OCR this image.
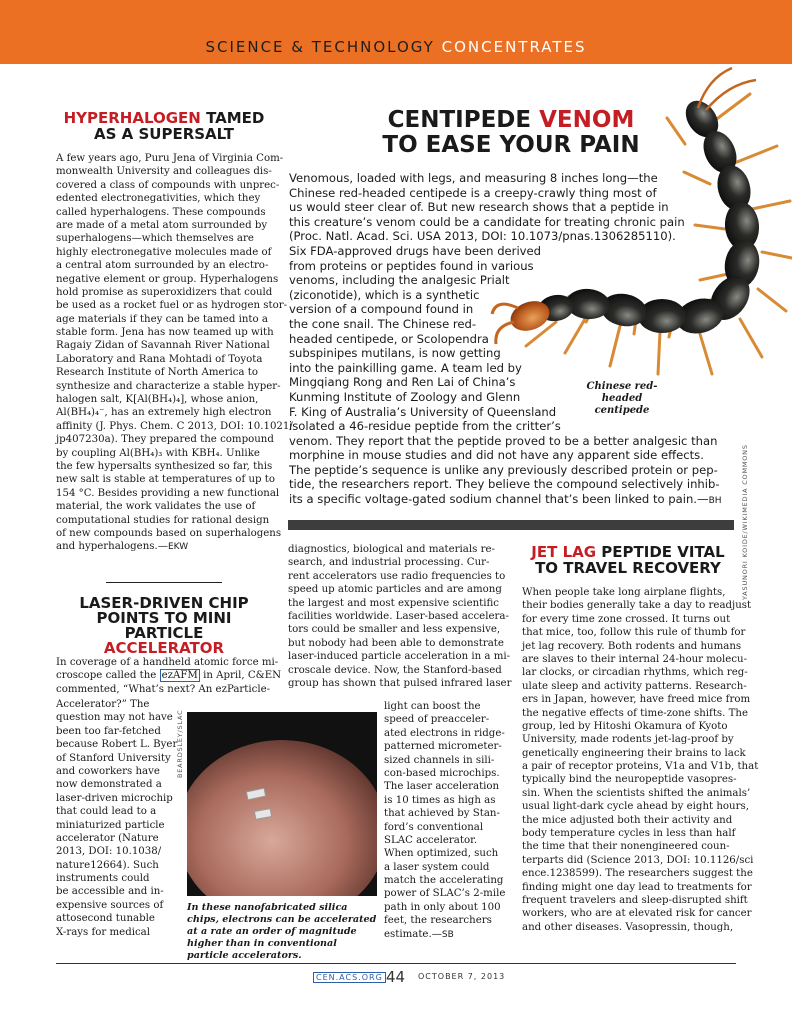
SCIENCE & TECHNOLOGY CONCENTRATES
YASUNORI KOIDE/WIKIMEDIA COMMONS
Chinese red-headed centipede
HYPERHALOGEN TAMED
AS A SUPERSALT
A few years ago, Puru Jena of Virginia Com-
monwealth University and colleagues dis-
covered a class of compounds with unprec-
edented electronegativities, which they
called hyperhalogens. These compounds
are made of a metal atom surrounded by
superhalogens—which themselves are
highly electronegative molecules made of
a central atom surrounded by an electro-
negative element or group. Hyperhalogens
hold promise as superoxidizers that could
be used as a rocket fuel or as hydrogen stor-
age materials if they can be tamed into a
stable form. Jena has now teamed up with
Ragaiy Zidan of Savannah River National
Laboratory and Rana Mohtadi of Toyota
Research Institute of North America to
synthesize and characterize a stable hyper-
halogen salt, K[Al(BH₄)₄], whose anion,
Al(BH₄)₄⁻, has an extremely high electron
affinity (J. Phys. Chem. C 2013, DOI: 10.1021/
jp407230a). They prepared the compound
by coupling Al(BH₄)₃ with KBH₄. Unlike
the few hypersalts synthesized so far, this
new salt is stable at temperatures of up to
154 °C. Besides providing a new functional
material, the work validates the use of
computational studies for rational design
of new compounds based on superhalogens
and hyperhalogens.—EKW
LASER-DRIVEN CHIP
POINTS TO MINI PARTICLE
ACCELERATOR
In coverage of a handheld atomic force mi-
croscope called the ezAFM in April, C&EN
commented, “What’s next? An ezParticle-
Accelerator?” The
question may not have
been too far-fetched
because Robert L. Byer
of Stanford University
and coworkers have
now demonstrated a
laser-driven microchip
that could lead to a
miniaturized particle
accelerator (Nature
2013, DOI: 10.1038/
nature12664). Such
instruments could
be accessible and in-
expensive sources of
attosecond tunable
X-rays for medical
BEARDSLEY/SLAC
In these nanofabricated silica chips, electrons can be accelerated at a rate an order of magnitude higher than in conventional particle accelerators.
CENTIPEDE VENOM
TO EASE YOUR PAIN
Venomous, loaded with legs, and measuring 8 inches long—the
Chinese red-headed centipede is a creepy-crawly thing most of
us would steer clear of. But new research shows that a peptide in
this creature’s venom could be a candidate for treating chronic pain
(Proc. Natl. Acad. Sci. USA 2013, DOI: 10.1073/pnas.1306285110).
Six FDA-approved drugs have been derived
from proteins or peptides found in various
venoms, including the analgesic Prialt
(ziconotide), which is a synthetic
version of a compound found in
the cone snail. The Chinese red-
headed centipede, or Scolopendra
subspinipes mutilans, is now getting
into the painkilling game. A team led by
Mingqiang Rong and Ren Lai of China’s
Kunming Institute of Zoology and Glenn
F. King of Australia’s University of Queensland
isolated a 46-residue peptide from the critter’s
venom. They report that the peptide proved to be a better analgesic than
morphine in mouse studies and did not have any apparent side effects.
The peptide’s sequence is unlike any previously described protein or pep-
tide, the researchers report. They believe the compound selectively inhib-
its a specific voltage-gated sodium channel that’s been linked to pain.—BH
diagnostics, biological and materials re-
search, and industrial processing. Cur-
rent accelerators use radio frequencies to
speed up atomic particles and are among
the largest and most expensive scientific
facilities worldwide. Laser-based accelera-
tors could be smaller and less expensive,
but nobody had been able to demonstrate
laser-induced particle acceleration in a mi-
croscale device. Now, the Stanford-based
group has shown that pulsed infrared laser
light can boost the
speed of preacceler-
ated electrons in ridge-
patterned micrometer-
sized channels in sili-
con-based microchips.
The laser acceleration
is 10 times as high as
that achieved by Stan-
ford’s conventional
SLAC accelerator.
When optimized, such
a laser system could
match the accelerating
power of SLAC’s 2-mile
path in only about 100
feet, the researchers
estimate.—SB
JET LAG PEPTIDE VITAL
TO TRAVEL RECOVERY
When people take long airplane flights,
their bodies generally take a day to readjust
for every time zone crossed. It turns out
that mice, too, follow this rule of thumb for
jet lag recovery. Both rodents and humans
are slaves to their internal 24-hour molecu-
lar clocks, or circadian rhythms, which reg-
ulate sleep and activity patterns. Research-
ers in Japan, however, have freed mice from
the negative effects of time-zone shifts. The
group, led by Hitoshi Okamura of Kyoto
University, made rodents jet-lag-proof by
genetically engineering their brains to lack
a pair of receptor proteins, V1a and V1b, that
typically bind the neuropeptide vasopres-
sin. When the scientists shifted the animals’
usual light-dark cycle ahead by eight hours,
the mice adjusted both their activity and
body temperature cycles in less than half
the time that their nonengineered coun-
terparts did (Science 2013, DOI: 10.1126/sci
ence.1238599). The researchers suggest the
finding might one day lead to treatments for
frequent travelers and sleep-disrupted shift
workers, who are at elevated risk for cancer
and other diseases. Vasopressin, though,
CEN.ACS.ORG 44 OCTOBER 7, 2013
